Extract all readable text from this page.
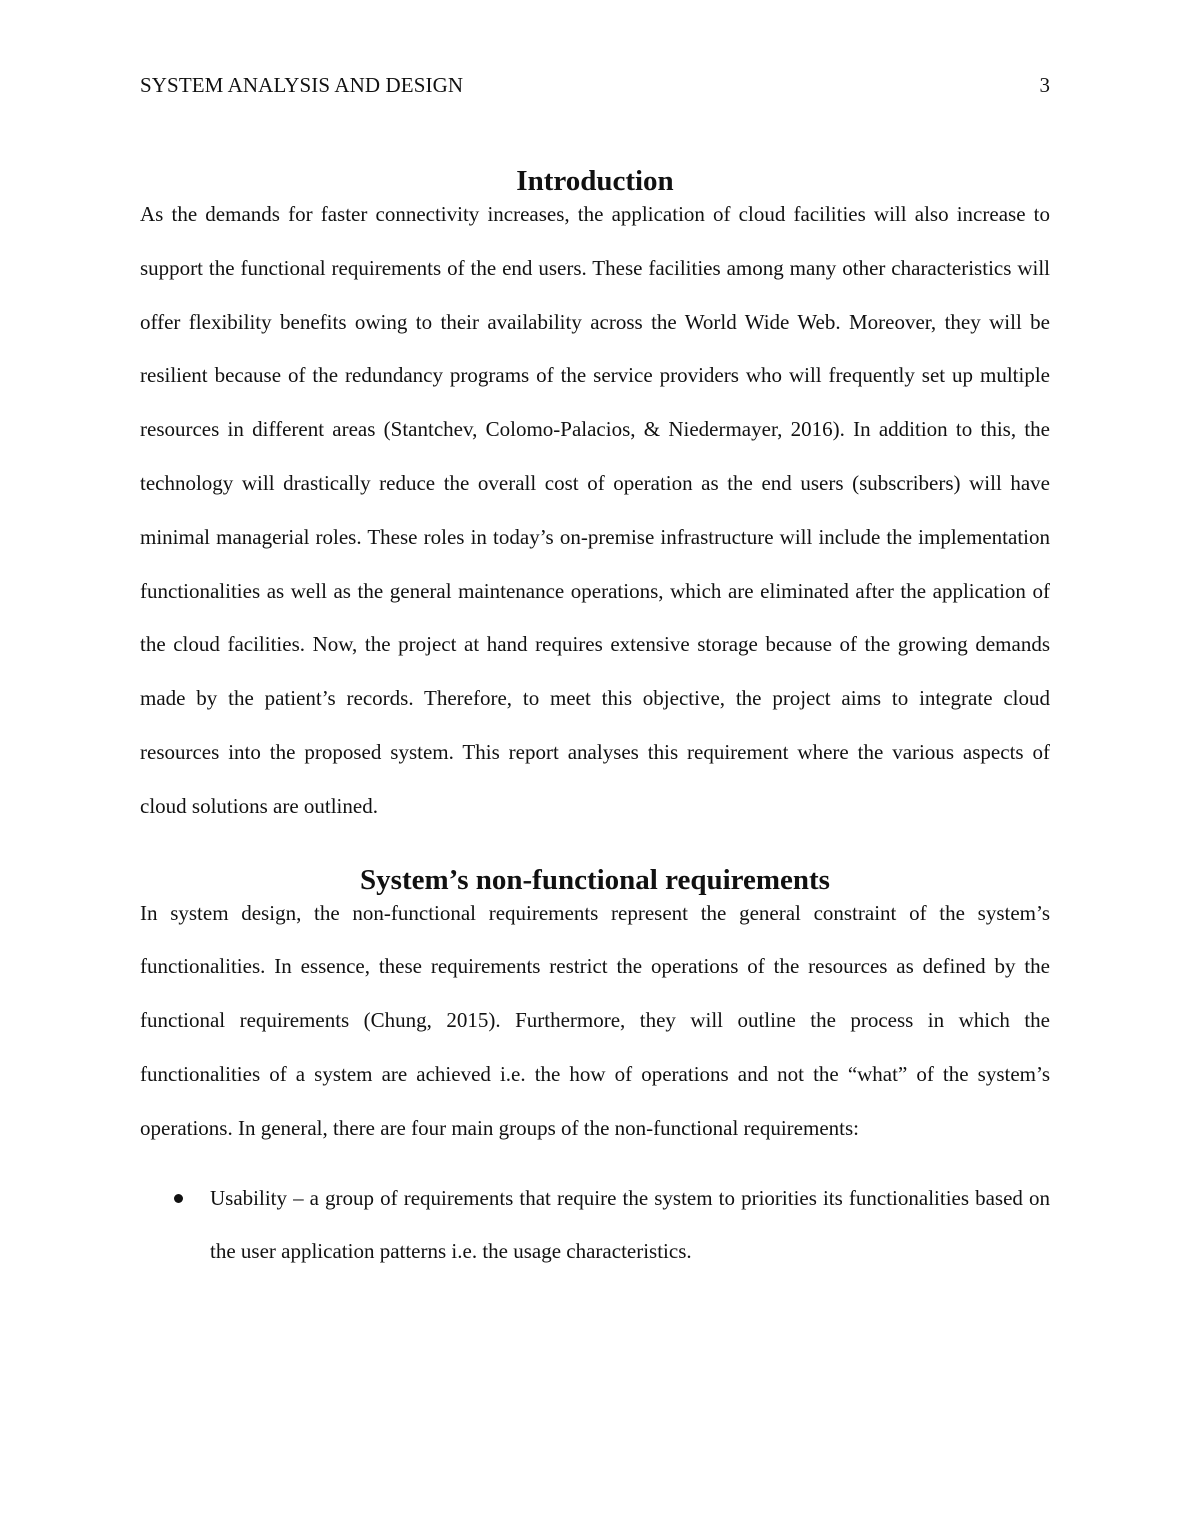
SYSTEM ANALYSIS AND DESIGN	3
Introduction

As the demands for faster connectivity increases, the application of cloud facilities will also increase to support the functional requirements of the end users. These facilities among many other characteristics will offer flexibility benefits owing to their availability across the World Wide Web. Moreover, they will be resilient because of the redundancy programs of the service providers who will frequently set up multiple resources in different areas (Stantchev, Colomo-Palacios, & Niedermayer, 2016). In addition to this, the technology will drastically reduce the overall cost of operation as the end users (subscribers) will have minimal managerial roles. These roles in today’s on-premise infrastructure will include the implementation functionalities as well as the general maintenance operations, which are eliminated after the application of the cloud facilities. Now, the project at hand requires extensive storage because of the growing demands made by the patient’s records. Therefore, to meet this objective, the project aims to integrate cloud resources into the proposed system. This report analyses this requirement where the various aspects of cloud solutions are outlined.

System’s non-functional requirements

In system design, the non-functional requirements represent the general constraint of the system’s functionalities. In essence, these requirements restrict the operations of the resources as defined by the functional requirements (Chung, 2015). Furthermore, they will outline the process in which the functionalities of a system are achieved i.e. the how of operations and not the “what” of the system’s operations. In general, there are four main groups of the non-functional requirements:

Usability – a group of requirements that require the system to priorities its functionalities based on the user application patterns i.e. the usage characteristics.
